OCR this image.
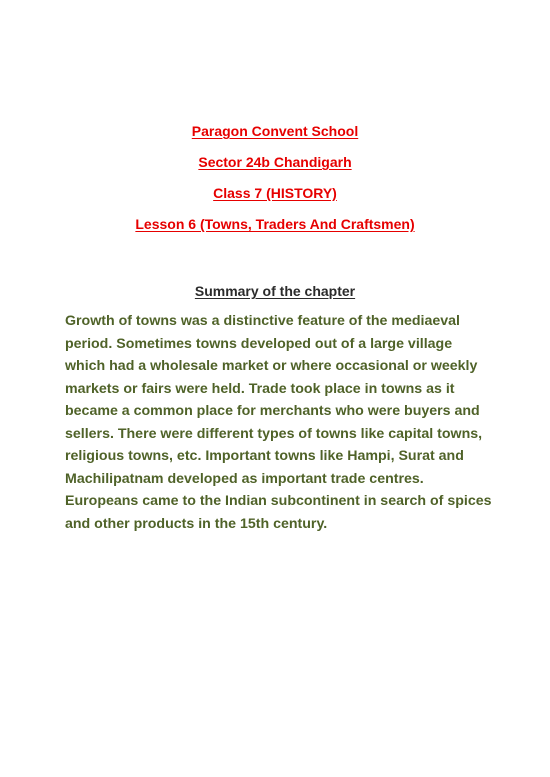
Paragon Convent School
Sector 24b Chandigarh
Class 7 (HISTORY)
Lesson 6 (Towns, Traders And Craftsmen)
Summary of the chapter
Growth of towns was a distinctive feature of the mediaeval
period. Sometimes towns developed out of a large village
which had a wholesale market or where occasional or weekly
markets or fairs were held. Trade took place in towns as it
became a common place for merchants who were buyers and
sellers. There were different types of towns like capital towns,
religious towns, etc. Important towns like Hampi, Surat and
Machilipatnam developed as important trade centres.
Europeans came to the Indian subcontinent in search of spices
and other products in the 15th century.
